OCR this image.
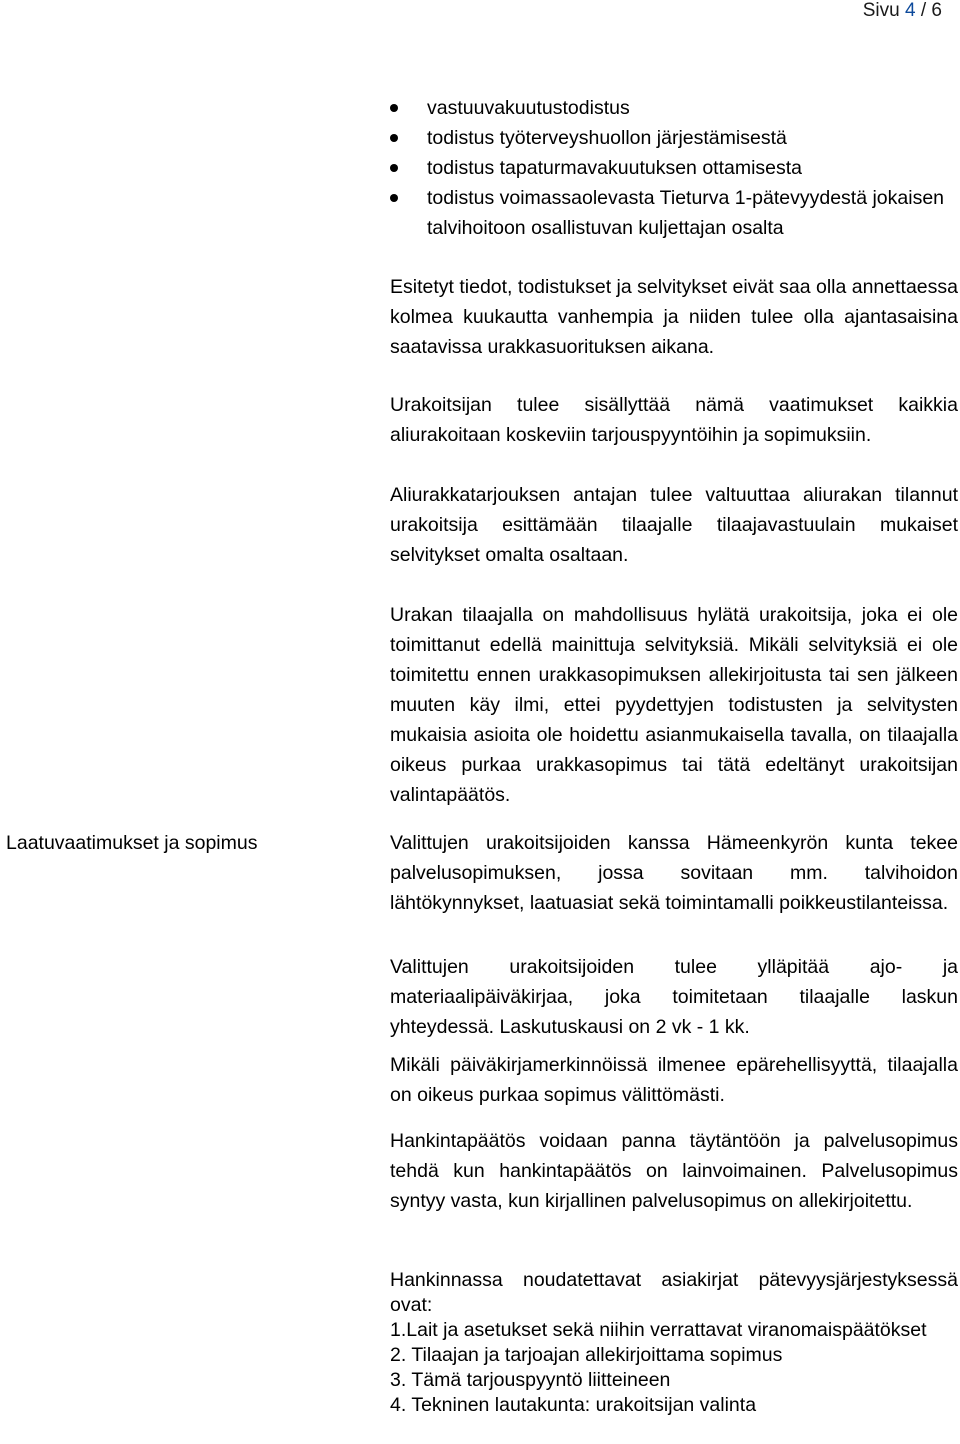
Sivu 4 / 6
vastuuvakuutustodistus
todistus työterveyshuollon järjestämisestä
todistus tapaturmavakuutuksen ottamisesta
todistus voimassaolevasta Tieturva 1-pätevyydestä jokaisen talvihoitoon osallistuvan kuljettajan osalta

Esitetyt tiedot, todistukset ja selvitykset eivät saa olla annettaessa kolmea kuukautta vanhempia ja niiden tulee olla ajantasaisina saatavissa urakkasuorituksen aikana.

Urakoitsijan tulee sisällyttää nämä vaatimukset kaikkia aliurakoitaan koskeviin tarjouspyyntöihin ja sopimuksiin.

Aliurakkatarjouksen antajan tulee valtuuttaa aliurakan tilannut urakoitsija esittämään tilaajalle tilaajavastuulain mukaiset selvitykset omalta osaltaan.

Urakan tilaajalla on mahdollisuus hylätä urakoitsija, joka ei ole toimittanut edellä mainittuja selvityksiä. Mikäli selvityksiä ei ole toimitettu ennen urakkasopimuksen allekirjoitusta tai sen jälkeen muuten käy ilmi, ettei pyydettyjen todistusten ja selvitysten mukaisia asioita ole hoidettu asianmukaisella tavalla, on tilaajalla oikeus purkaa urakkasopimus tai tätä edeltänyt urakoitsijan valintapäätös.

Laatuvaatimukset ja sopimus	Valittujen urakoitsijoiden kanssa Hämeenkyrön kunta tekee palvelusopimuksen, jossa sovitaan mm. talvihoidon lähtökynnykset, laatuasiat sekä toimintamalli poikkeustilanteissa.

Valittujen urakoitsijoiden tulee ylläpitää ajo- ja materiaalipäiväkirjaa, joka toimitetaan tilaajalle laskun yhteydessä. Laskutuskausi on 2 vk - 1 kk.

Mikäli päiväkirjamerkinnöissä ilmenee epärehellisyyttä, tilaajalla on oikeus purkaa sopimus välittömästi.

Hankintapäätös voidaan panna täytäntöön ja palvelusopimus tehdä kun hankintapäätös on lainvoimainen. Palvelusopimus syntyy vasta, kun kirjallinen palvelusopimus on allekirjoitettu.

Hankinnassa noudatettavat asiakirjat pätevyysjärjestyksessä ovat:

1.Lait ja asetukset sekä niihin verrattavat viranomaispäätökset
2. Tilaajan ja tarjoajan allekirjoittama sopimus
3. Tämä tarjouspyyntö liitteineen
4. Tekninen lautakunta: urakoitsijan valinta
